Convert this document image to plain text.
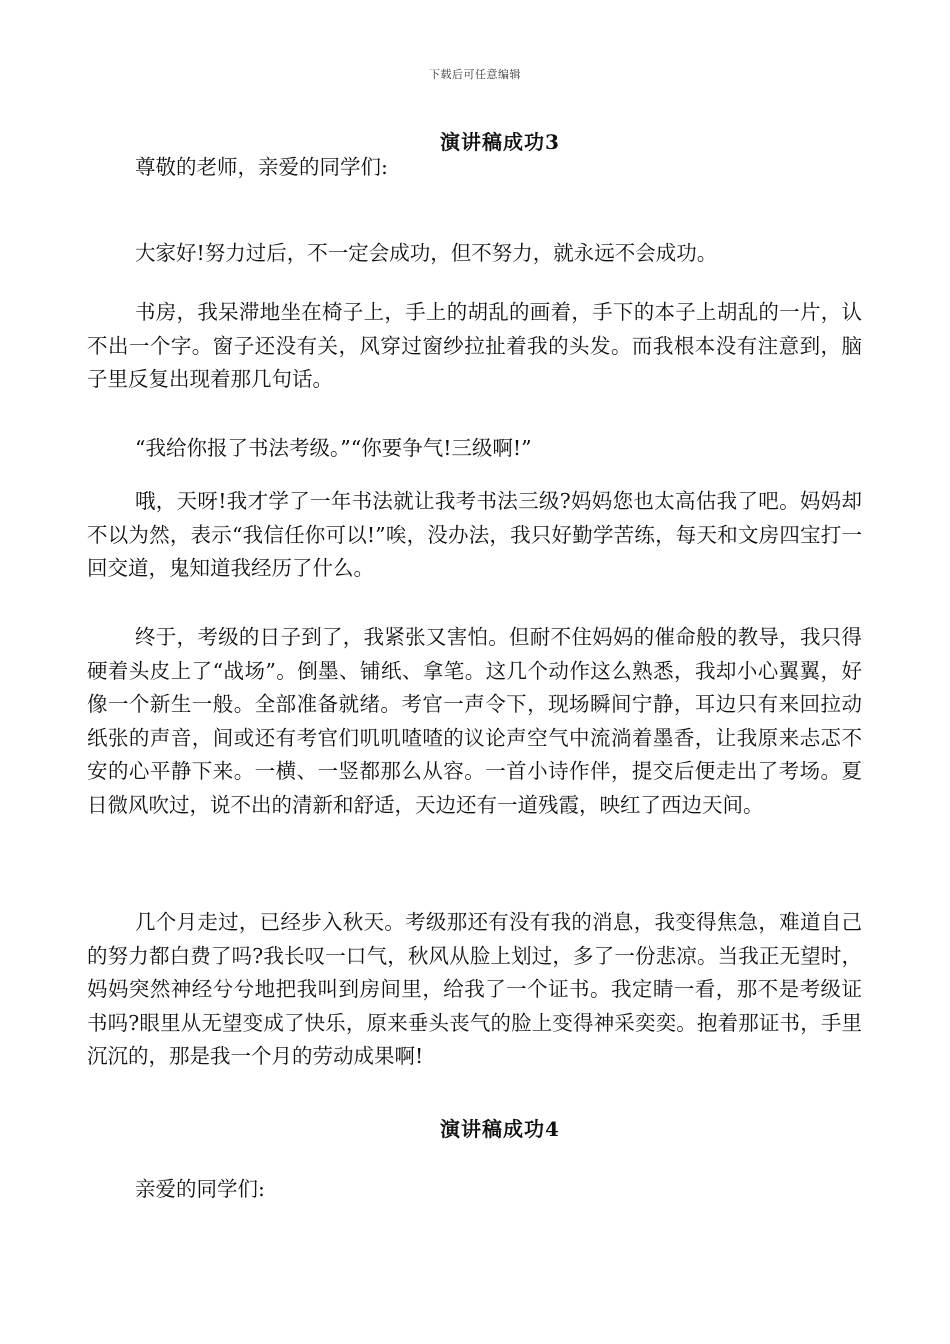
下载后可任意编辑
演讲稿成功3

尊敬的老师，亲爱的同学们:

大家好!努力过后，不一定会成功，但不努力，就永远不会成功。

书房，我呆滞地坐在椅子上，手上的胡乱的画着，手下的本子上胡乱的一片，认不出一个字。窗子还没有关，风穿过窗纱拉扯着我的头发。而我根本没有注意到，脑子里反复出现着那几句话。

“我给你报了书法考级。”“你要争气!三级啊!”

哦，天呀!我才学了一年书法就让我考书法三级?妈妈您也太高估我了吧。妈妈却不以为然，表示“我信任你可以!”唉，没办法，我只好勤学苦练，每天和文房四宝打一回交道，鬼知道我经历了什么。

终于，考级的日子到了，我紧张又害怕。但耐不住妈妈的催命般的教导，我只得硬着头皮上了“战场”。倒墨、铺纸、拿笔。这几个动作这么熟悉，我却小心翼翼，好像一个新生一般。全部准备就绪。考官一声令下，现场瞬间宁静，耳边只有来回拉动纸张的声音，间或还有考官们叽叽喳喳的议论声空气中流淌着墨香，让我原来忐忑不安的心平静下来。一横、一竖都那么从容。一首小诗作伴，提交后便走出了考场。夏日微风吹过，说不出的清新和舒适，天边还有一道残霞，映红了西边天间。

几个月走过，已经步入秋天。考级那还有没有我的消息，我变得焦急，难道自己的努力都白费了吗?我长叹一口气，秋风从脸上划过，多了一份悲凉。当我正无望时，妈妈突然神经兮兮地把我叫到房间里，给我了一个证书。我定睛一看，那不是考级证书吗?眼里从无望变成了快乐，原来垂头丧气的脸上变得神采奕奕。抱着那证书，手里沉沉的，那是我一个月的劳动成果啊!

演讲稿成功4

亲爱的同学们:
